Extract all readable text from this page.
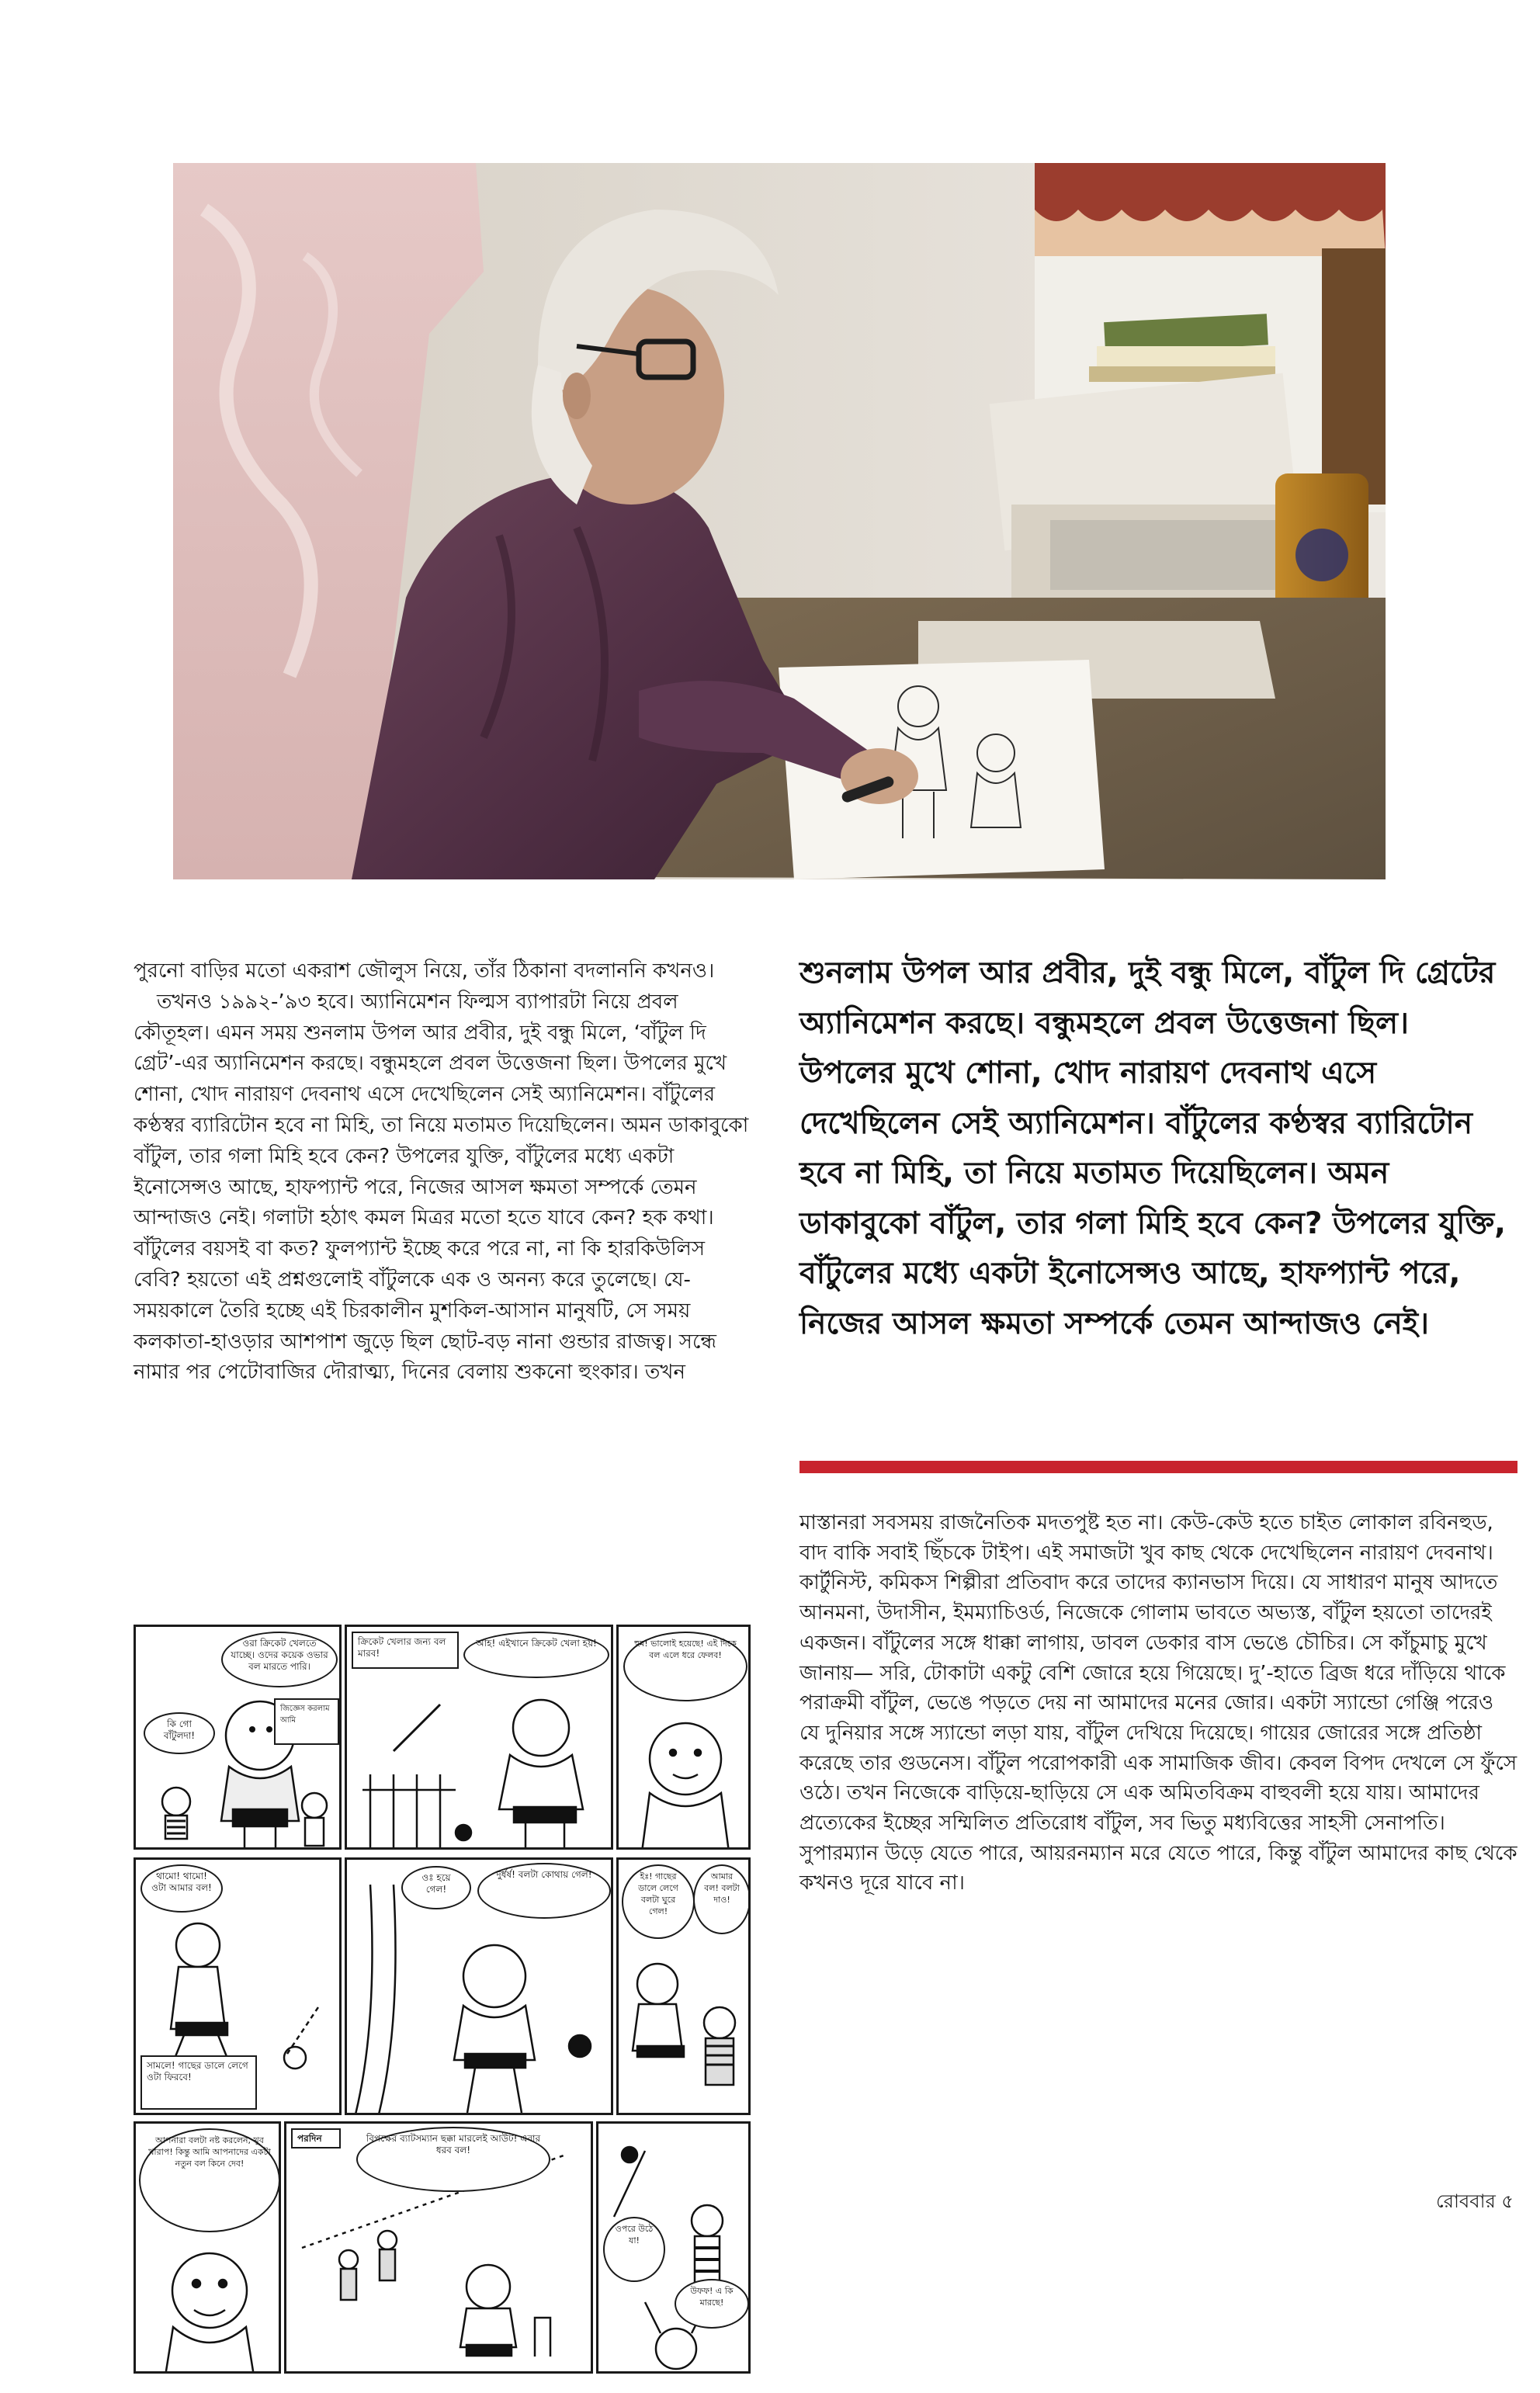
পুরনো বাড়ির মতো একরাশ জৌলুস নিয়ে, তাঁর ঠিকানা বদলাননি কখনও।

তখনও ১৯৯২-’৯৩ হবে। অ্যানিমেশন ফিল্মস ব্যাপারটা নিয়ে প্রবল কৌতূহল। এমন সময় শুনলাম উপল আর প্রবীর, দুই বন্ধু মিলে, ‘বাঁটুল দি গ্রেট’-এর অ্যানিমেশন করছে। বন্ধুমহলে প্রবল উত্তেজনা ছিল। উপলের মুখে শোনা, খোদ নারায়ণ দেবনাথ এসে দেখেছিলেন সেই অ্যানিমেশন। বাঁটুলের কণ্ঠস্বর ব্যারিটোন হবে না মিহি, তা নিয়ে মতামত দিয়েছিলেন। অমন ডাকাবুকো বাঁটুল, তার গলা মিহি হবে কেন? উপলের যুক্তি, বাঁটুলের মধ্যে একটা ইনোসেন্সও আছে, হাফপ্যান্ট পরে, নিজের আসল ক্ষমতা সম্পর্কে তেমন আন্দাজও নেই। গলাটা হঠাৎ কমল মিত্রর মতো হতে যাবে কেন? হক কথা। বাঁটুলের বয়সই বা কত? ফুলপ্যান্ট ইচ্ছে করে পরে না, না কি হারকিউলিস বেবি? হয়তো এই প্রশ্নগুলোই বাঁটুলকে এক ও অনন্য করে তুলেছে। যে-সময়কালে তৈরি হচ্ছে এই চিরকালীন মুশকিল-আসান মানুষটি, সে সময় কলকাতা-হাওড়ার আশপাশ জুড়ে ছিল ছোট-বড় নানা গুন্ডার রাজত্ব। সন্ধে নামার পর পেটোবাজির দৌরাত্ম্য, দিনের বেলায় শুকনো হুংকার। তখন

শুনলাম উপল আর প্রবীর, দুই বন্ধু মিলে, বাঁটুল দি গ্রেটের অ্যানিমেশন করছে। বন্ধুমহলে প্রবল উত্তেজনা ছিল। উপলের মুখে শোনা, খোদ নারায়ণ দেবনাথ এসে দেখেছিলেন সেই অ্যানিমেশন। বাঁটুলের কণ্ঠস্বর ব্যারিটোন হবে না মিহি, তা নিয়ে মতামত দিয়েছিলেন। অমন ডাকাবুকো বাঁটুল, তার গলা মিহি হবে কেন? উপলের যুক্তি, বাঁটুলের মধ্যে একটা ইনোসেন্সও আছে, হাফপ্যান্ট পরে, নিজের আসল ক্ষমতা সম্পর্কে তেমন আন্দাজও নেই।

মাস্তানরা সবসময় রাজনৈতিক মদতপুষ্ট হত না। কেউ-কেউ হতে চাইত লোকাল রবিনহুড, বাদ বাকি সবাই ছিঁচকে টাইপ। এই সমাজটা খুব কাছ থেকে দেখেছিলেন নারায়ণ দেবনাথ। কার্টুনিস্ট, কমিকস শিল্পীরা প্রতিবাদ করে তাদের ক্যানভাস দিয়ে। যে সাধারণ মানুষ আদতে আনমনা, উদাসীন, ইমম্যাচিওর্ড, নিজেকে গোলাম ভাবতে অভ্যস্ত, বাঁটুল হয়তো তাদেরই একজন। বাঁটুলের সঙ্গে ধাক্কা লাগায়, ডাবল ডেকার বাস ভেঙে চৌচির। সে কাঁচুমাচু মুখে জানায়— সরি, টোকাটা একটু বেশি জোরে হয়ে গিয়েছে। দু’-হাতে ব্রিজ ধরে দাঁড়িয়ে থাকে পরাক্রমী বাঁটুল, ভেঙে পড়তে দেয় না আমাদের মনের জোর। একটা স্যান্ডো গেঞ্জি পরেও যে দুনিয়ার সঙ্গে স্যান্ডো লড়া যায়, বাঁটুল দেখিয়ে দিয়েছে। গায়ের জোরের সঙ্গে প্রতিষ্ঠা করেছে তার গুডনেস। বাঁটুল পরোপকারী এক সামাজিক জীব। কেবল বিপদ দেখলে সে ফুঁসে ওঠে। তখন নিজেকে বাড়িয়ে-ছাড়িয়ে সে এক অমিতবিক্রম বাহুবলী হয়ে যায়। আমাদের প্রত্যেকের ইচ্ছের সম্মিলিত প্রতিরোধ বাঁটুল, সব ভিতু মধ্যবিত্তের সাহসী সেনাপতি। সুপারম্যান উড়ে যেতে পারে, আয়রনম্যান মরে যেতে পারে, কিন্তু বাঁটুল আমাদের কাছ থেকে কখনও দূরে যাবে না।

ওরা ক্রিকেট খেলতে যাচ্ছে। ওদের কয়েক ওভার বল মারতে পারি।
কি গো বাঁটুলদা!
জিজ্ঞেস করলাম আমি
ক্রিকেট খেলার জন্য বল মারব!
আহ! এইখানে ক্রিকেট খেলা হয়!	হুম! ভালোই হয়েছে! এই দিকে বল এলে ধরে ফেলব!
থামো! থামো! ওটা আমার বল!
সামলে! গাছের ডালে লেগে ওটা ফিরবে!
ওঃ হয়ে গেল!
দুর্ধর্ষ! বলটা কোথায় গেল!	ইঃ! গাছের ডালে লেগে বলটা ঘুরে গেল!
আমার বল! বলটা দাও!
আপনারা বলটা নষ্ট করলেন, খুব খারাপ! কিন্তু আমি আপনাদের একটা নতুন বল কিনে দেব!
পরদিন	বিপক্ষের ব্যাটসম্যান ছক্কা মারলেই আউট! এবার ধরব বল!
ওপরে উঠে যা!
উফফ! এ কি মারছে!
রোববার ৫
